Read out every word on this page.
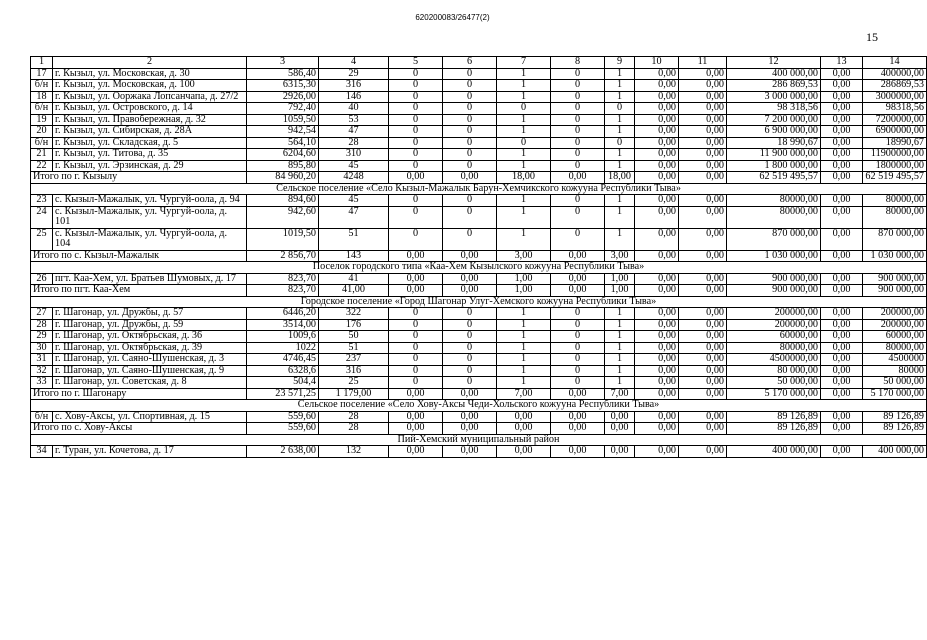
620200083/26477(2)
15
1	2	3	4	5	6	7	8	9	10	11	12	13	14
17	г. Кызыл, ул. Московская, д. 30	586,40	29	0	0	1	0	1	0,00	0,00	400 000,00	0,00	400000,00
б/н	г. Кызыл, ул. Московская, д. 100	6315,30	316	0	0	1	0	1	0,00	0,00	286 869,53	0,00	286869,53
18	г. Кызыл, ул. Ооржака Лопсанчапа, д. 27/2	2926,00	146	0	0	1	0	1	0,00	0,00	3 000 000,00	0,00	3000000,00
б/н	г. Кызыл, ул. Островского, д. 14	792,40	40	0	0	0	0	0	0,00	0,00	98 318,56	0,00	98318,56
19	г. Кызыл, ул. Правобережная, д. 32	1059,50	53	0	0	1	0	1	0,00	0,00	7 200 000,00	0,00	7200000,00
20	г. Кызыл, ул. Сибирская, д. 28А	942,54	47	0	0	1	0	1	0,00	0,00	6 900 000,00	0,00	6900000,00
б/н	г. Кызыл, ул. Складская, д. 5	564,10	28	0	0	0	0	0	0,00	0,00	18 990,67	0,00	18990,67
21	г. Кызыл, ул. Титова, д. 35	6204,60	310	0	0	1	0	1	0,00	0,00	11 900 000,00	0,00	11900000,00
22	г. Кызыл, ул. Эрзинская, д. 29	895,80	45	0	0	1	0	1	0,00	0,00	1 800 000,00	0,00	1800000,00
Итого по г. Кызылу		84 960,20	4248	0,00	0,00	18,00	0,00	18,00	0,00	0,00	62 519 495,57	0,00	62 519 495,57
Сельское поселение «Село Кызыл-Мажалык Барун-Хемчикского кожууна Республики Тыва»													
23	с. Кызыл-Мажалык, ул. Чургуй-оола, д. 94	894,60	45	0	0	1	0	1	0,00	0,00	80000,00	0,00	80000,00
24	с. Кызыл-Мажалык, ул. Чургуй-оола, д. 101	942,60	47	0	0	1	0	1	0,00	0,00	80000,00	0,00	80000,00
25	с. Кызыл-Мажалык, ул. Чургуй-оола, д. 104	1019,50	51	0	0	1	0	1	0,00	0,00	870 000,00	0,00	870 000,00
Итого по с. Кызыл-Мажалык		2 856,70	143	0,00	0,00	3,00	0,00	3,00	0,00	0,00	1 030 000,00	0,00	1 030 000,00
Поселок городского типа «Каа-Хем Кызылского кожууна Республики Тыва»													
26	пгт. Каа-Хем, ул. Братьев Шумовых, д. 17	823,70	41	0,00	0,00	1,00	0,00	1,00	0,00	0,00	900 000,00	0,00	900 000,00
Итого по пгт. Каа-Хем		823,70	41,00	0,00	0,00	1,00	0,00	1,00	0,00	0,00	900 000,00	0,00	900 000,00
Городское поселение «Город Шагонар Улуг-Хемского кожууна Республики Тыва»													
27	г. Шагонар, ул. Дружбы, д. 57	6446,20	322	0	0	1	0	1	0,00	0,00	200000,00	0,00	200000,00
28	г. Шагонар, ул. Дружбы, д. 59	3514,00	176	0	0	1	0	1	0,00	0,00	200000,00	0,00	200000,00
29	г. Шагонар, ул. Октябрьская, д. 36	1009,6	50	0	0	1	0	1	0,00	0,00	60000,00	0,00	60000,00
30	г. Шагонар, ул. Октябрьская, д. 39	1022	51	0	0	1	0	1	0,00	0,00	80000,00	0,00	80000,00
31	г. Шагонар, ул. Саяно-Шушенская, д. 3	4746,45	237	0	0	1	0	1	0,00	0,00	4500000,00	0,00	4500000
32	г. Шагонар, ул. Саяно-Шушенская, д. 9	6328,6	316	0	0	1	0	1	0,00	0,00	80 000,00	0,00	80000
33	г. Шагонар, ул. Советская, д. 8	504,4	25	0	0	1	0	1	0,00	0,00	50 000,00	0,00	50 000,00
Итого по г. Шагонару		23 571,25	1 179,00	0,00	0,00	7,00	0,00	7,00	0,00	0,00	5 170 000,00	0,00	5 170 000,00
Сельское поселение «Село Хову-Аксы Чеди-Хольского кожууна Республики Тыва»													
б/н	с. Хову-Аксы, ул. Спортивная, д. 15	559,60	28	0,00	0,00	0,00	0,00	0,00	0,00	0,00	89 126,89	0,00	89 126,89
Итого по с. Хову-Аксы		559,60	28	0,00	0,00	0,00	0,00	0,00	0,00	0,00	89 126,89	0,00	89 126,89
Пий-Хемский муниципальный район													
34	г. Туран, ул. Кочетова, д. 17	2 638,00	132	0,00	0,00	0,00	0,00	0,00	0,00	0,00	400 000,00	0,00	400 000,00
